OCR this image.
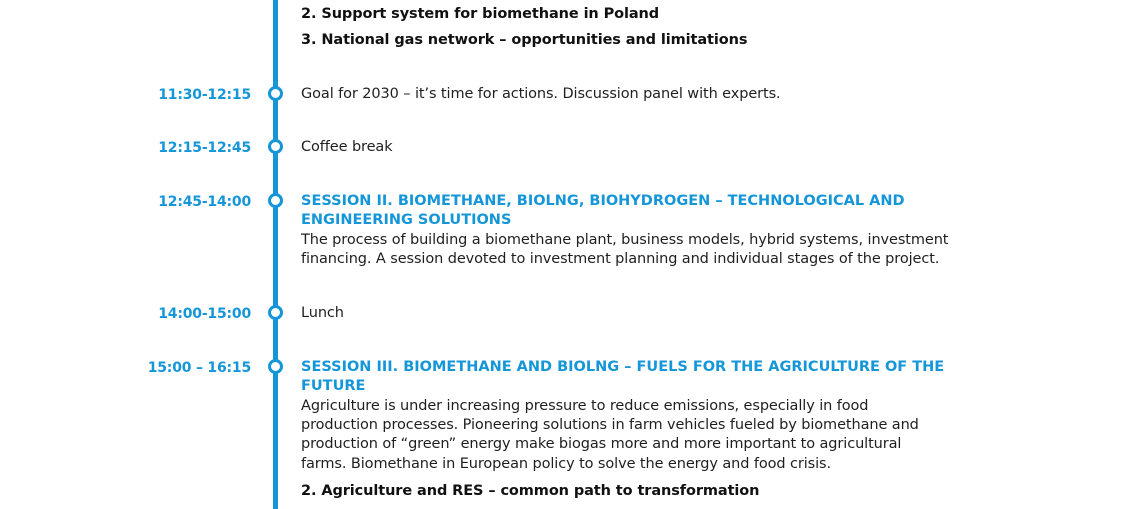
2. Support system for biomethane in Poland
3. National gas network – opportunities and limitations
11:30-12:15	Goal for 2030 – it’s time for actions. Discussion panel with experts.
12:15-12:45	Coffee break
12:45-14:00	SESSION II. BIOMETHANE, BIOLNG, BIOHYDROGEN – TECHNOLOGICAL AND
ENGINEERING SOLUTIONS
The process of building a biomethane plant, business models, hybrid systems, investment
financing. A session devoted to investment planning and individual stages of the project.
14:00-15:00	Lunch
15:00 – 16:15	SESSION III. BIOMETHANE AND BIOLNG – FUELS FOR THE AGRICULTURE OF THE
FUTURE
Agriculture is under increasing pressure to reduce emissions, especially in food
production processes. Pioneering solutions in farm vehicles fueled by biomethane and
production of “green” energy make biogas more and more important to agricultural
farms. Biomethane in European policy to solve the energy and food crisis.
2. Agriculture and RES – common path to transformation
